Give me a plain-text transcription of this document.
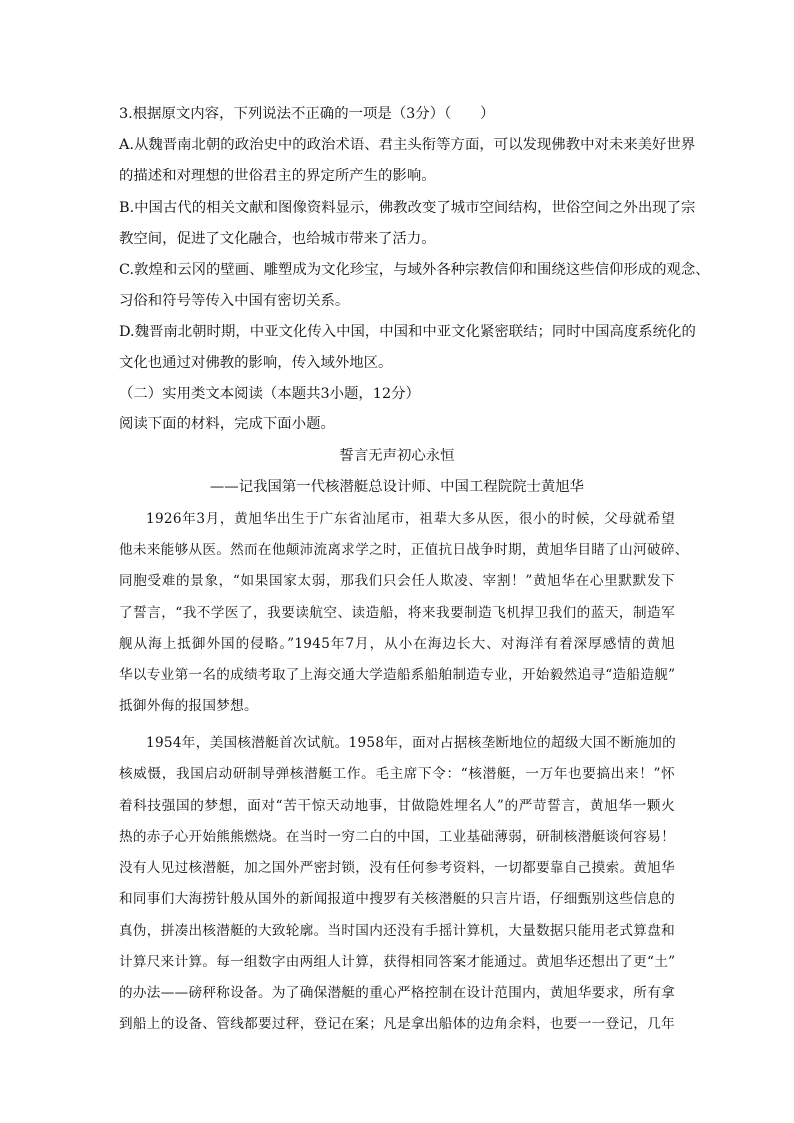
3.根据原文内容，下列说法不正确的一项是（3分）（　　）
A.从魏晋南北朝的政治史中的政治术语、君主头衔等方面，可以发现佛教中对未来美好世界
的描述和对理想的世俗君主的界定所产生的影响。
B.中国古代的相关文献和图像资料显示，佛教改变了城市空间结构，世俗空间之外出现了宗
教空间，促进了文化融合，也给城市带来了活力。
C.敦煌和云冈的壁画、雕塑成为文化珍宝，与域外各种宗教信仰和围绕这些信仰形成的观念、
习俗和符号等传入中国有密切关系。
D.魏晋南北朝时期，中亚文化传入中国，中国和中亚文化紧密联结；同时中国高度系统化的
文化也通过对佛教的影响，传入域外地区。
（二）实用类文本阅读（本题共3小题，12分）
阅读下面的材料，完成下面小题。
誓言无声初心永恒
——记我国第一代核潜艇总设计师、中国工程院院士黄旭华
1926年3月，黄旭华出生于广东省汕尾市，祖辈大多从医，很小的时候，父母就希望
他未来能够从医。然而在他颠沛流离求学之时，正值抗日战争时期，黄旭华目睹了山河破碎、
同胞受难的景象，“如果国家太弱，那我们只会任人欺凌、宰割！”黄旭华在心里默默发下
了誓言，“我不学医了，我要读航空、读造船，将来我要制造飞机捍卫我们的蓝天，制造军
舰从海上抵御外国的侵略。”1945年7月，从小在海边长大、对海洋有着深厚感情的黄旭
华以专业第一名的成绩考取了上海交通大学造船系船舶制造专业，开始毅然追寻“造船造舰”
抵御外侮的报国梦想。
1954年，美国核潜艇首次试航。1958年，面对占据核垄断地位的超级大国不断施加的
核威慑，我国启动研制导弹核潜艇工作。毛主席下令：“核潜艇，一万年也要搞出来！”怀
着科技强国的梦想，面对“苦干惊天动地事，甘做隐姓埋名人”的严苛誓言，黄旭华一颗火
热的赤子心开始熊熊燃烧。在当时一穷二白的中国，工业基础薄弱，研制核潜艇谈何容易！
没有人见过核潜艇，加之国外严密封锁，没有任何参考资料，一切都要靠自己摸索。黄旭华
和同事们大海捞针般从国外的新闻报道中搜罗有关核潜艇的只言片语，仔细甄别这些信息的
真伪，拼凑出核潜艇的大致轮廓。当时国内还没有手摇计算机，大量数据只能用老式算盘和
计算尺来计算。每一组数字由两组人计算，获得相同答案才能通过。黄旭华还想出了更“土”
的办法——磅秤称设备。为了确保潜艇的重心严格控制在设计范围内，黄旭华要求，所有拿
到船上的设备、管线都要过秤，登记在案；凡是拿出船体的边角余料，也要一一登记，几年
